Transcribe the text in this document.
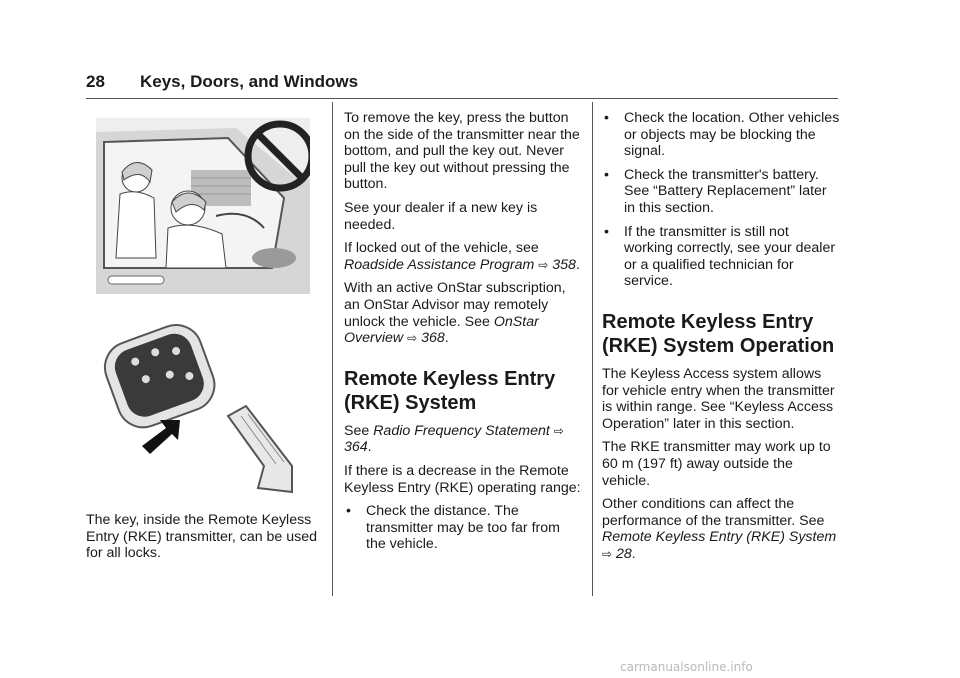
28 Keys, Doors, and Windows

The key, inside the Remote Keyless Entry (RKE) transmitter, can be used for all locks.

To remove the key, press the button on the side of the transmitter near the bottom, and pull the key out. Never pull the key out without pressing the button.

See your dealer if a new key is needed.

If locked out of the vehicle, see Roadside Assistance Program ⇨ 358.

With an active OnStar subscription, an OnStar Advisor may remotely unlock the vehicle. See OnStar Overview ⇨ 368.

Remote Keyless Entry (RKE) System

See Radio Frequency Statement ⇨ 364.

If there is a decrease in the Remote Keyless Entry (RKE) operating range:

• Check the distance. The transmitter may be too far from the vehicle.
• Check the location. Other vehicles or objects may be blocking the signal.
• Check the transmitter's battery. See “Battery Replacement” later in this section.
• If the transmitter is still not working correctly, see your dealer or a qualified technician for service.
Remote Keyless Entry (RKE) System Operation

The Keyless Access system allows for vehicle entry when the transmitter is within range. See “Keyless Access Operation” later in this section.

The RKE transmitter may work up to 60 m (197 ft) away outside the vehicle.

Other conditions can affect the performance of the transmitter. See Remote Keyless Entry (RKE) System ⇨ 28.

carmanualsonline.info
